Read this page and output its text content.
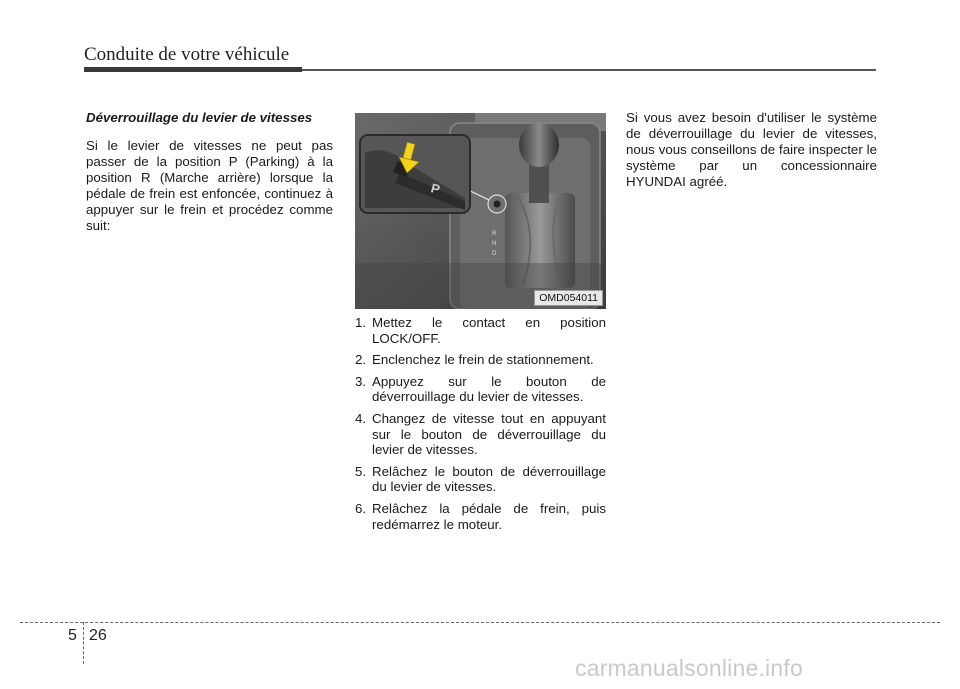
Conduite de votre véhicule

Déverrouillage du levier de vitesses

Si le levier de vitesses ne peut pas passer de la position P (Parking) à la position R (Marche arrière) lorsque la pédale de frein est enfoncée, continuez à appuyer sur le frein et procédez comme suit:

R
N
D
P
OMD054011
1. Mettez le contact en position LOCK/OFF.
2. Enclenchez le frein de stationnement.
3. Appuyez sur le bouton de déverrouillage du levier de vitesses.
4. Changez de vitesse tout en appuyant sur le bouton de déverrouillage du levier de vitesses.
5. Relâchez le bouton de déverrouillage du levier de vitesses.
6. Relâchez la pédale de frein, puis redémarrez le moteur.

Si vous avez besoin d'utiliser le système de déverrouillage du levier de vitesses, nous vous conseillons de faire inspecter le système par un concessionnaire HYUNDAI agréé.

5 26
carmanualsonline.info
